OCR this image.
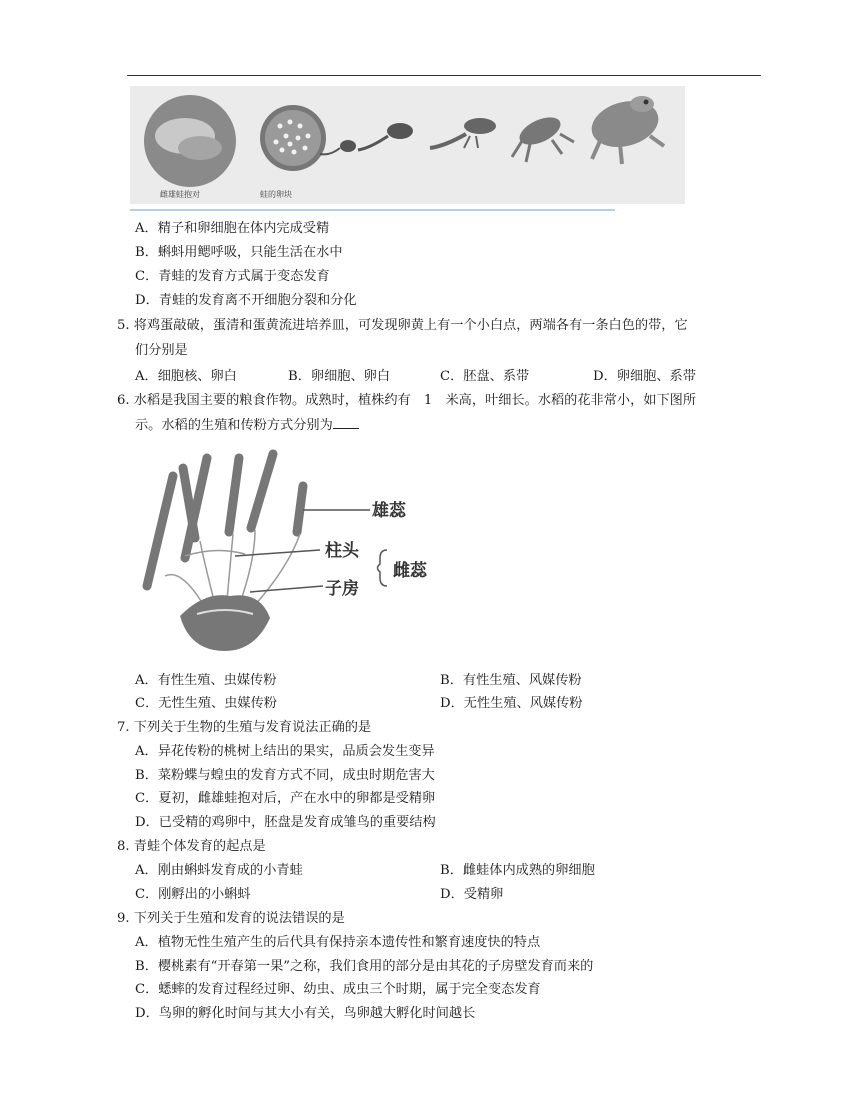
雌雄蛙抱对	蛙的卵块
A．精子和卵细胞在体内完成受精
B．蝌蚪用鳃呼吸，只能生活在水中
C．青蛙的发育方式属于变态发育
D．青蛙的发育离不开细胞分裂和分化
5. 将鸡蛋敲破，蛋清和蛋黄流进培养皿，可发现卵黄上有一个小白点，两端各有一条白色的带，它
们分别是
A．细胞核、卵白	B．卵细胞、卵白	C．胚盘、系带	D．卵细胞、系带
6. 水稻是我国主要的粮食作物。成熟时，植株约有　1　米高，叶细长。水稻的花非常小，如下图所
示。水稻的生殖和传粉方式分别为
雄蕊
柱头
雌蕊
子房
A．有性生殖、虫媒传粉	B．有性生殖、风媒传粉
C．无性生殖、虫媒传粉	D．无性生殖、风媒传粉
7. 下列关于生物的生殖与发育说法正确的是
A．异花传粉的桃树上结出的果实，品质会发生变异
B．菜粉蝶与蝗虫的发育方式不同，成虫时期危害大
C．夏初，雌雄蛙抱对后，产在水中的卵都是受精卵
D．已受精的鸡卵中，胚盘是发育成雏鸟的重要结构
8. 青蛙个体发育的起点是
A．刚由蝌蚪发育成的小青蛙	B．雌蛙体内成熟的卵细胞
C．刚孵出的小蝌蚪	D．受精卵
9. 下列关于生殖和发育的说法错误的是
A．植物无性生殖产生的后代具有保持亲本遗传性和繁育速度快的特点
B．樱桃素有“开春第一果”之称，我们食用的部分是由其花的子房壁发育而来的
C．蟋蟀的发育过程经过卵、幼虫、成虫三个时期，属于完全变态发育
D．鸟卵的孵化时间与其大小有关，鸟卵越大孵化时间越长
